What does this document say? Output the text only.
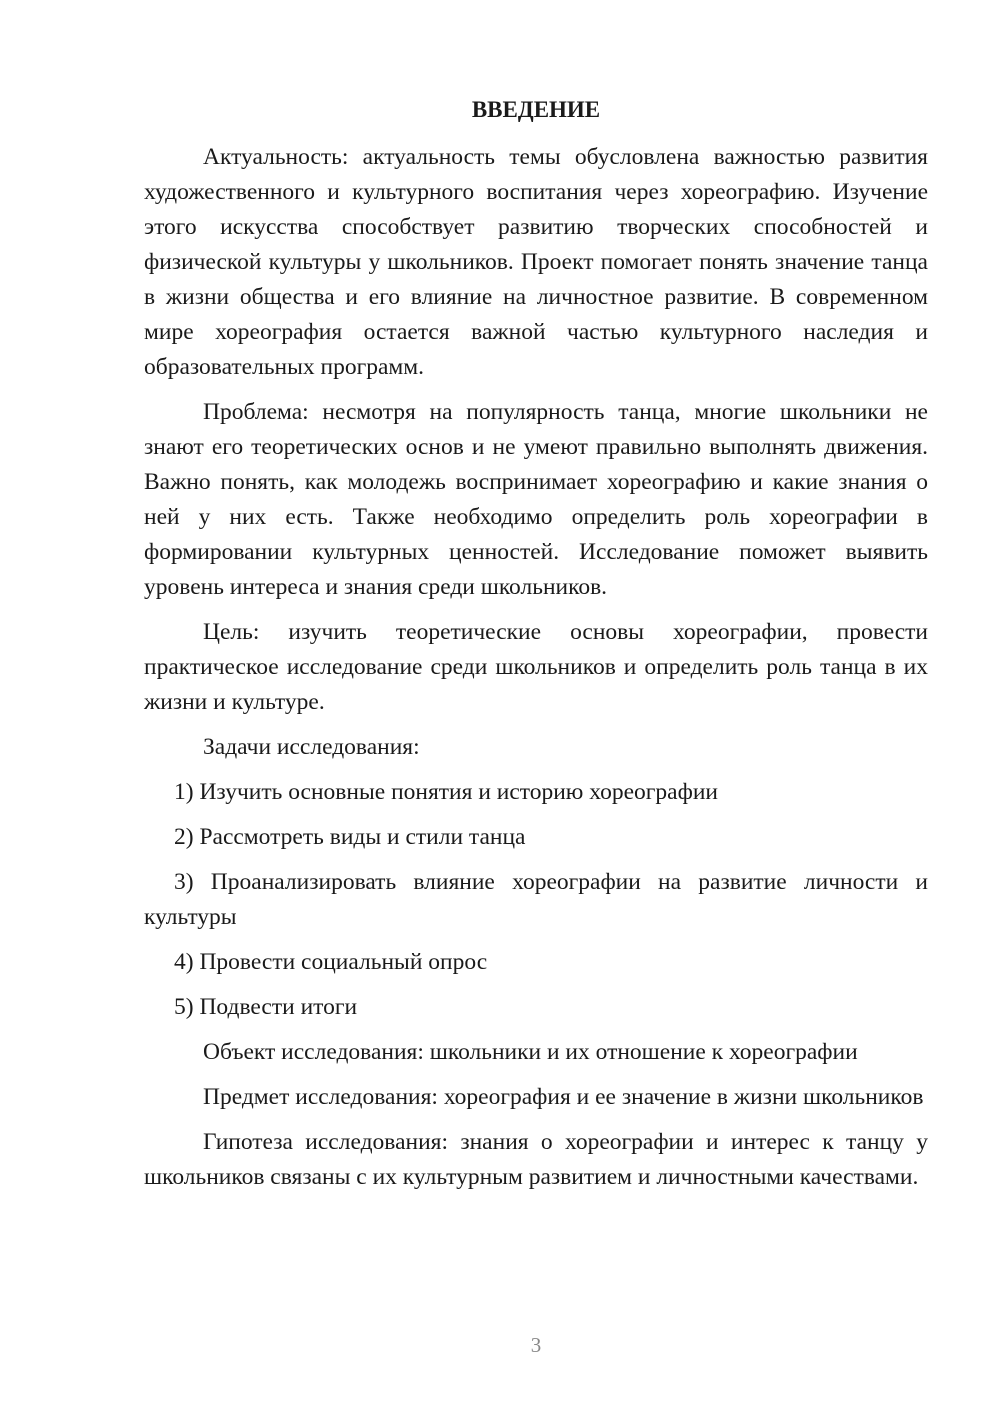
ВВЕДЕНИЕ

Актуальность: актуальность темы обусловлена важностью развития художественного и культурного воспитания через хореографию. Изучение этого искусства способствует развитию творческих способностей и физической культуры у школьников. Проект помогает понять значение танца в жизни общества и его влияние на личностное развитие. В современном мире хореография остается важной частью культурного наследия и образовательных программ.

Проблема: несмотря на популярность танца, многие школьники не знают его теоретических основ и не умеют правильно выполнять движения. Важно понять, как молодежь воспринимает хореографию и какие знания о ней у них есть. Также необходимо определить роль хореографии в формировании культурных ценностей. Исследование поможет выявить уровень интереса и знания среди школьников.

Цель: изучить теоретические основы хореографии, провести практическое исследование среди школьников и определить роль танца в их жизни и культуре.

Задачи исследования:

1) Изучить основные понятия и историю хореографии

2) Рассмотреть виды и стили танца

3) Проанализировать влияние хореографии на развитие личности и культуры

4) Провести социальный опрос

5) Подвести итоги

Объект исследования: школьники и их отношение к хореографии

Предмет исследования: хореография и ее значение в жизни школьников

Гипотеза исследования: знания о хореографии и интерес к танцу у школьников связаны с их культурным развитием и личностными качествами.

3
